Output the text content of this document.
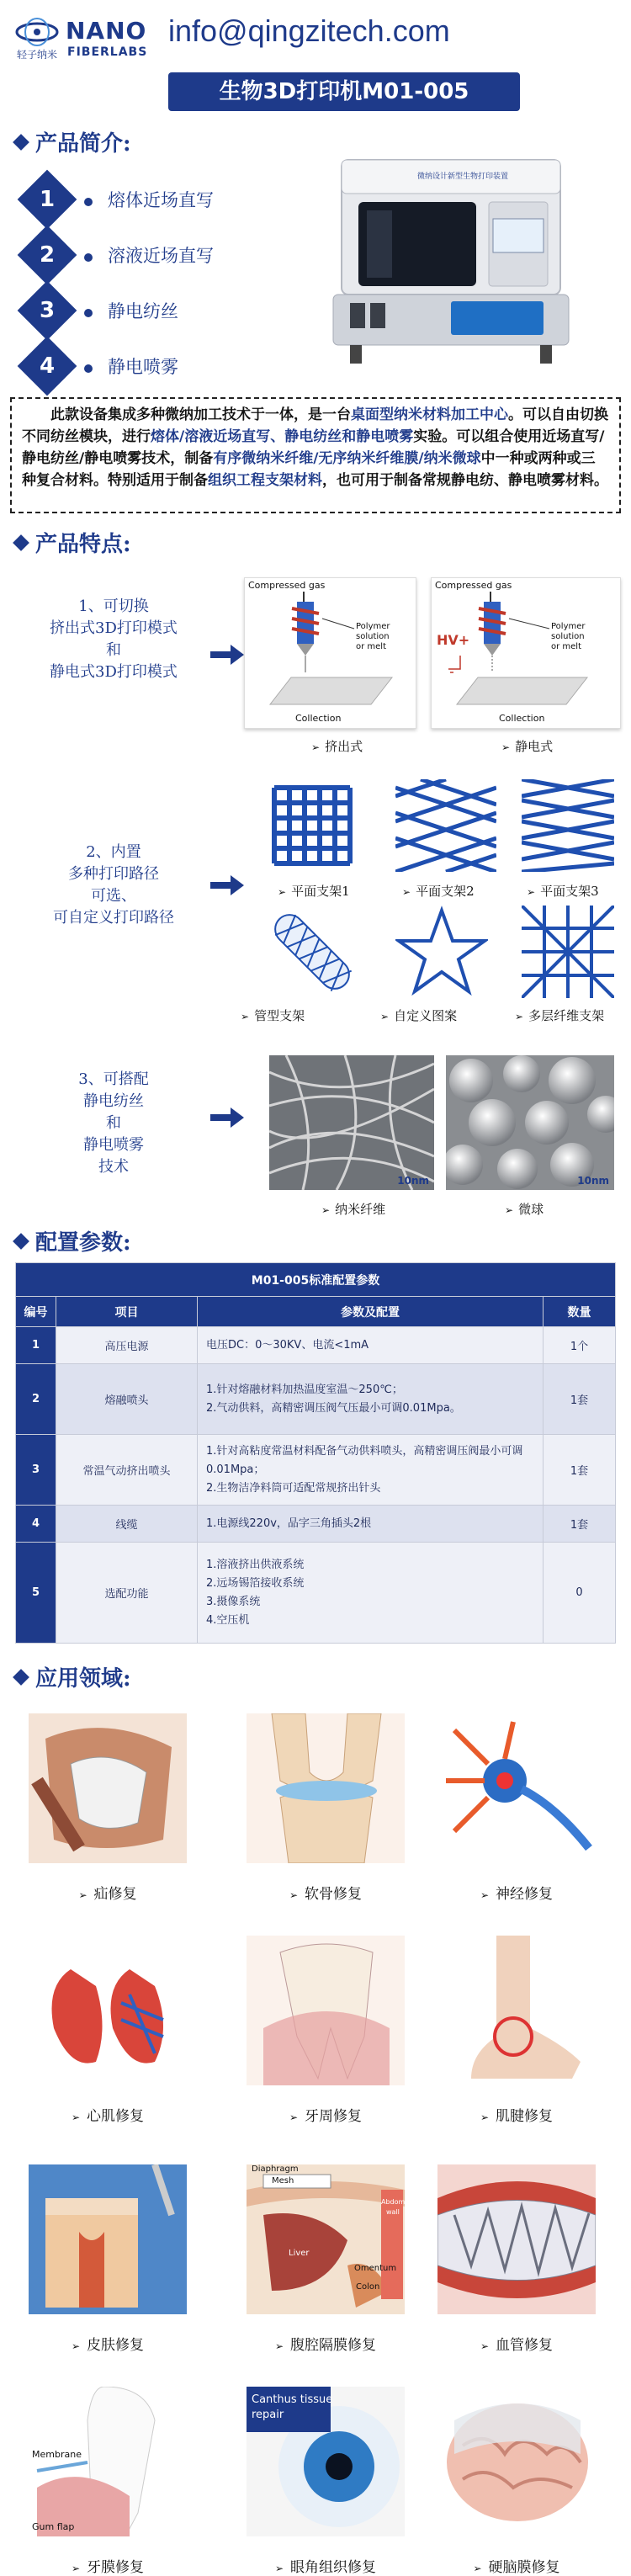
NANO
轻子纳米 FIBERLABS
info@qingzitech.com
生物3D打印机M01-005
产品简介:
1	熔体近场直写
2	溶液近场直写
3	静电纺丝
4	静电喷雾
微纳设计新型生物打印装置
此款设备集成多种微纳加工技术于一体，是一台桌面型纳米材料加工中心。可以自由切换不同纺丝模块，进行熔体/溶液近场直写、静电纺丝和静电喷雾实验。可以组合使用近场直写/静电纺丝/静电喷雾技术，制备有序微纳米纤维/无序纳米纤维膜/纳米微球中一种或两种或三种复合材料。特别适用于制备组织工程支架材料，也可用于制备常规静电纺、静电喷雾材料。
产品特点:
1、可切换
挤出式3D打印模式
和
静电式3D打印模式
Compressed gas
Polymer solution
or melt
Collection
Compressed gas
HV+
Polymer solution
or melt
Collection
➢ 挤出式	➢ 静电式
2、内置
多种打印路径
可选、
可自定义打印路径
➢ 平面支架1	➢ 平面支架2	➢ 平面支架3
➢ 管型支架	➢ 自定义图案	➢ 多层纤维支架
3、可搭配
静电纺丝
和
静电喷雾
技术
10nm	10nm
➢ 纳米纤维	➢ 微球
配置参数:
M01-005标准配置参数			
编号	项目	参数及配置	数量
1	高压电源	电压DC：0～30KV、电流<1mA	1个
2	熔融喷头	1.针对熔融材料加热温度室温～250℃；
2.气动供料，高精密调压阀气压最小可调0.01Mpa。	1套
3	常温气动挤出喷头	1.针对高粘度常温材料配备气动供料喷头，高精密调压阀最小可调0.01Mpa；
2.生物洁净料筒可适配常规挤出针头	1套
4	线缆	1.电源线220v，品字三角插头2根	1套
5	选配功能	1.溶液挤出供液系统
2.远场锡箔接收系统
3.摄像系统
4.空压机	0
应用领域:
➢ 疝修复	➢ 软骨修复	➢ 神经修复
➢ 心肌修复	➢ 牙周修复	➢ 肌腱修复
➢ 皮肤修复	➢ 腹腔隔膜修复	➢ 血管修复
➢ 牙膜修复	➢ 眼角组织修复	➢ 硬脑膜修复
Diaphragm
Mesh
Liver
Colon
Omentum
Abdominal
wall
Membrane
Gum flap
Canthus tissue
repair
